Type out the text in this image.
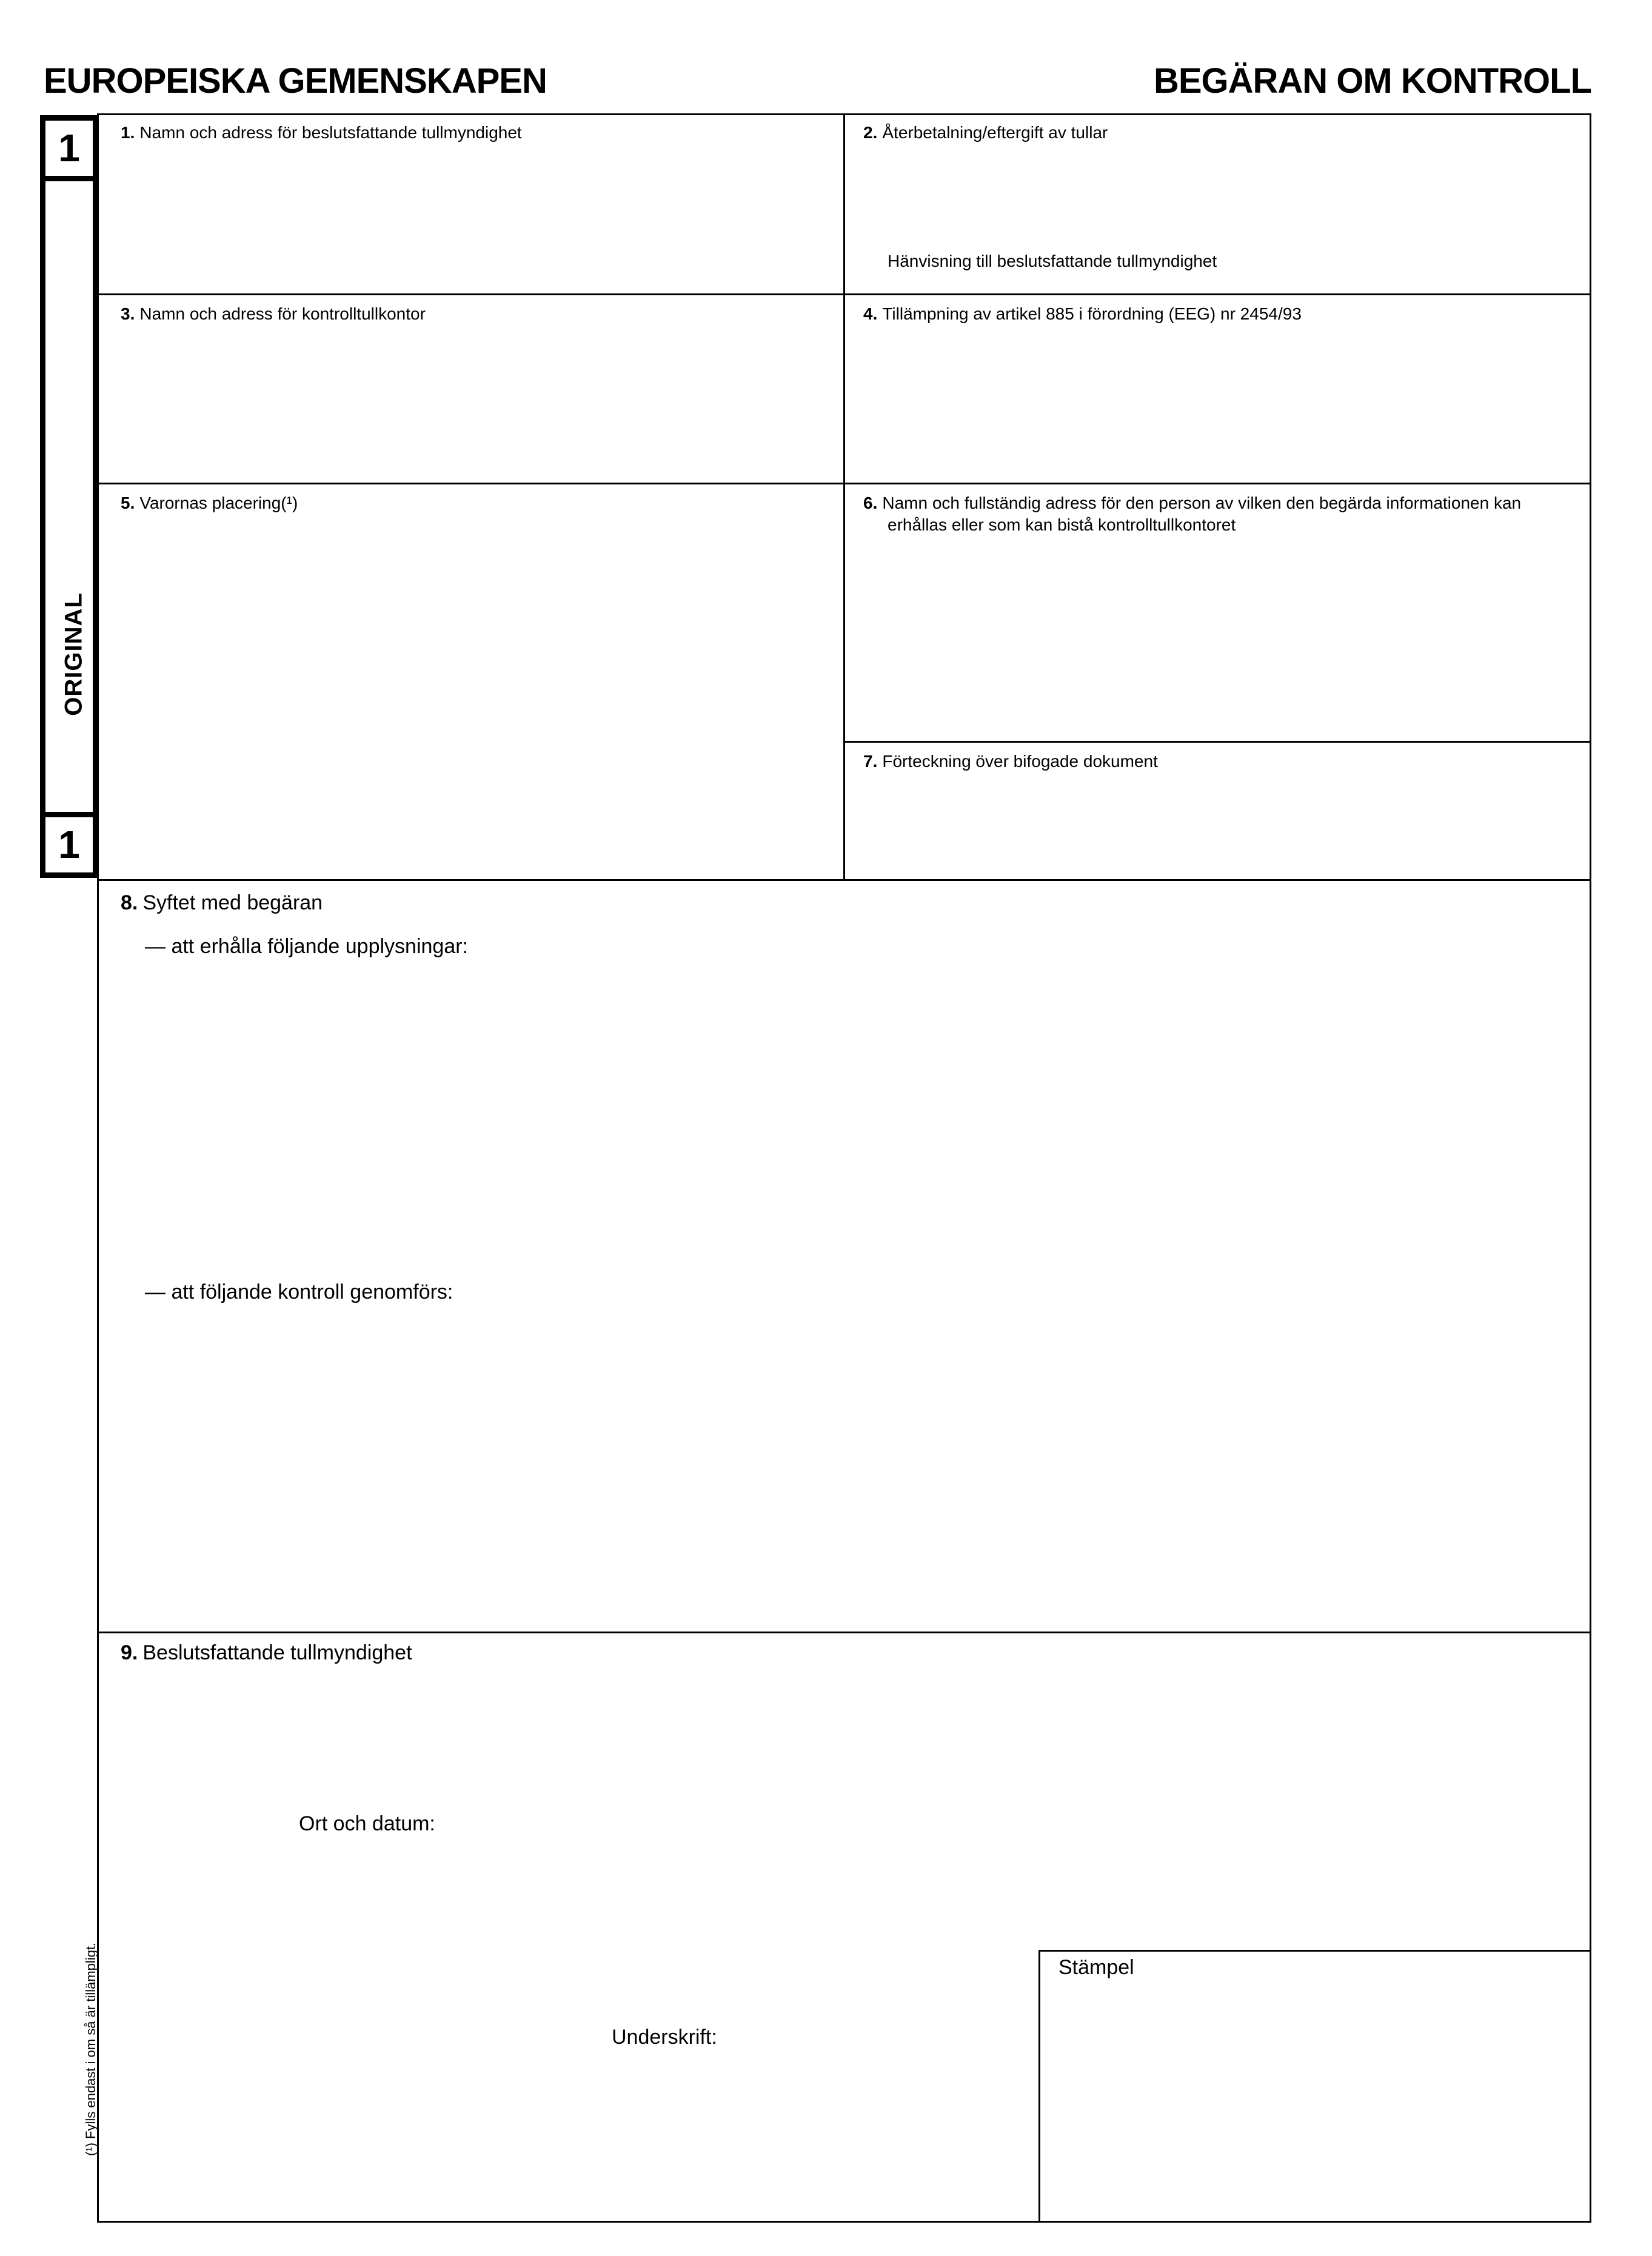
EUROPEISKA GEMENSKAPEN	BEGÄRAN OM KONTROLL
1
ORIGINAL
1
1. Namn och adress för beslutsfattande tullmyndighet	2. Återbetalning/eftergift av tullar
Hänvisning till beslutsfattande tullmyndighet
3. Namn och adress för kontrolltullkontor	4. Tillämpning av artikel 885 i förordning (EEG) nr 2454/93
5. Varornas placering(¹)	6. Namn och fullständig adress för den person av vilken den begärda informationen kan
erhållas eller som kan bistå kontrolltullkontoret
7. Förteckning över bifogade dokument
8. Syftet med begäran
— att erhålla följande upplysningar:
— att följande kontroll genomförs:
9. Beslutsfattande tullmyndighet
Ort och datum:
Underskrift:
Stämpel
(¹) Fylls endast i om så är tillämpligt.
